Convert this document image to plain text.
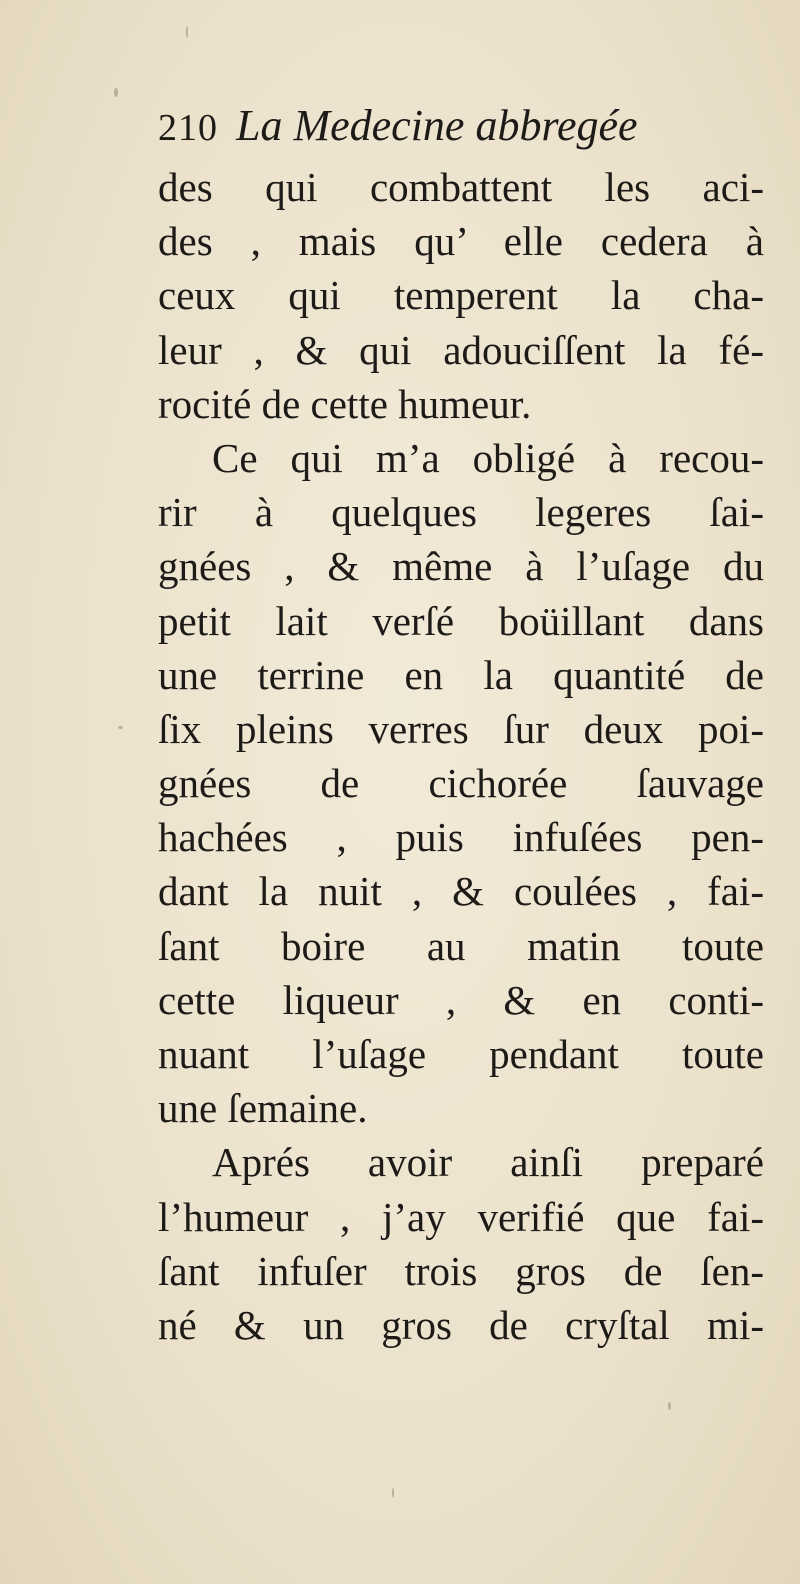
210 La Medecine abbregée
des qui combattent les aci-
des , mais qu’ elle cedera à
ceux qui temperent la cha-
leur , & qui adouciſſent la fé-
rocité de cette humeur.
Ce qui m’a obligé à recou-
rir à quelques legeres ſai-
gnées , & même à l’uſage du
petit lait verſé boüillant dans
une terrine en la quantité de
ſix pleins verres ſur deux poi-
gnées de cichorée ſauvage
hachées , puis infuſées pen-
dant la nuit , & coulées , fai-
ſant boire au matin toute
cette liqueur , & en conti-
nuant l’uſage pendant toute
une ſemaine.
Aprés avoir ainſi preparé
l’humeur , j’ay verifié que fai-
ſant infuſer trois gros de ſen-
né & un gros de cryſtal mi-
